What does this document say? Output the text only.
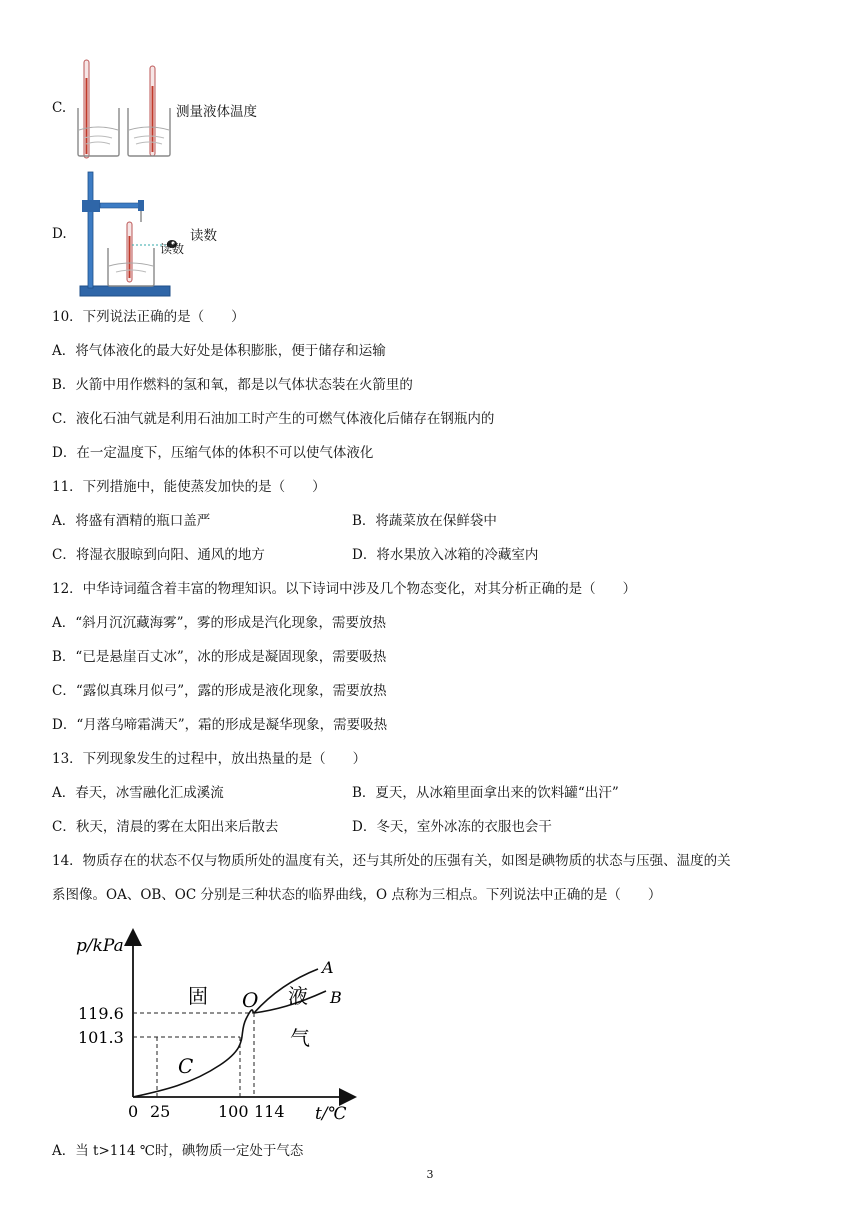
C.	测量液体温度
D.
读数
读数
10．下列说法正确的是（　　）
A．将气体液化的最大好处是体积膨胀，便于储存和运输
B．火箭中用作燃料的氢和氧，都是以气体状态装在火箭里的
C．液化石油气就是利用石油加工时产生的可燃气体液化后储存在钢瓶内的
D．在一定温度下，压缩气体的体积不可以使气体液化
11．下列措施中，能使蒸发加快的是（　　）
A．将盛有酒精的瓶口盖严	B．将蔬菜放在保鲜袋中
C．将湿衣服晾到向阳、通风的地方	D．将水果放入冰箱的冷藏室内
12．中华诗词蕴含着丰富的物理知识。以下诗词中涉及几个物态变化，对其分析正确的是（　　）
A．“斜月沉沉藏海雾”，雾的形成是汽化现象，需要放热
B．“已是悬崖百丈冰”，冰的形成是凝固现象，需要吸热
C．“露似真珠月似弓”，露的形成是液化现象，需要放热
D．“月落乌啼霜满天”，霜的形成是凝华现象，需要吸热
13．下列现象发生的过程中，放出热量的是（　　）
A．春天，冰雪融化汇成溪流	B．夏天，从冰箱里面拿出来的饮料罐“出汗”
C．秋天，清晨的雾在太阳出来后散去	D．冬天，室外冰冻的衣服也会干
14．物质存在的状态不仅与物质所处的温度有关，还与其所处的压强有关，如图是碘物质的状态与压强、温度的关
系图像。OA、OB、OC 分别是三种状态的临界曲线，O 点称为三相点。下列说法中正确的是（　　）
p/kPa
t/℃
119.6
101.3
0 25	100 114
固	液
气
O
A
B
C
A．当 t>114 ℃时，碘物质一定处于气态
3
